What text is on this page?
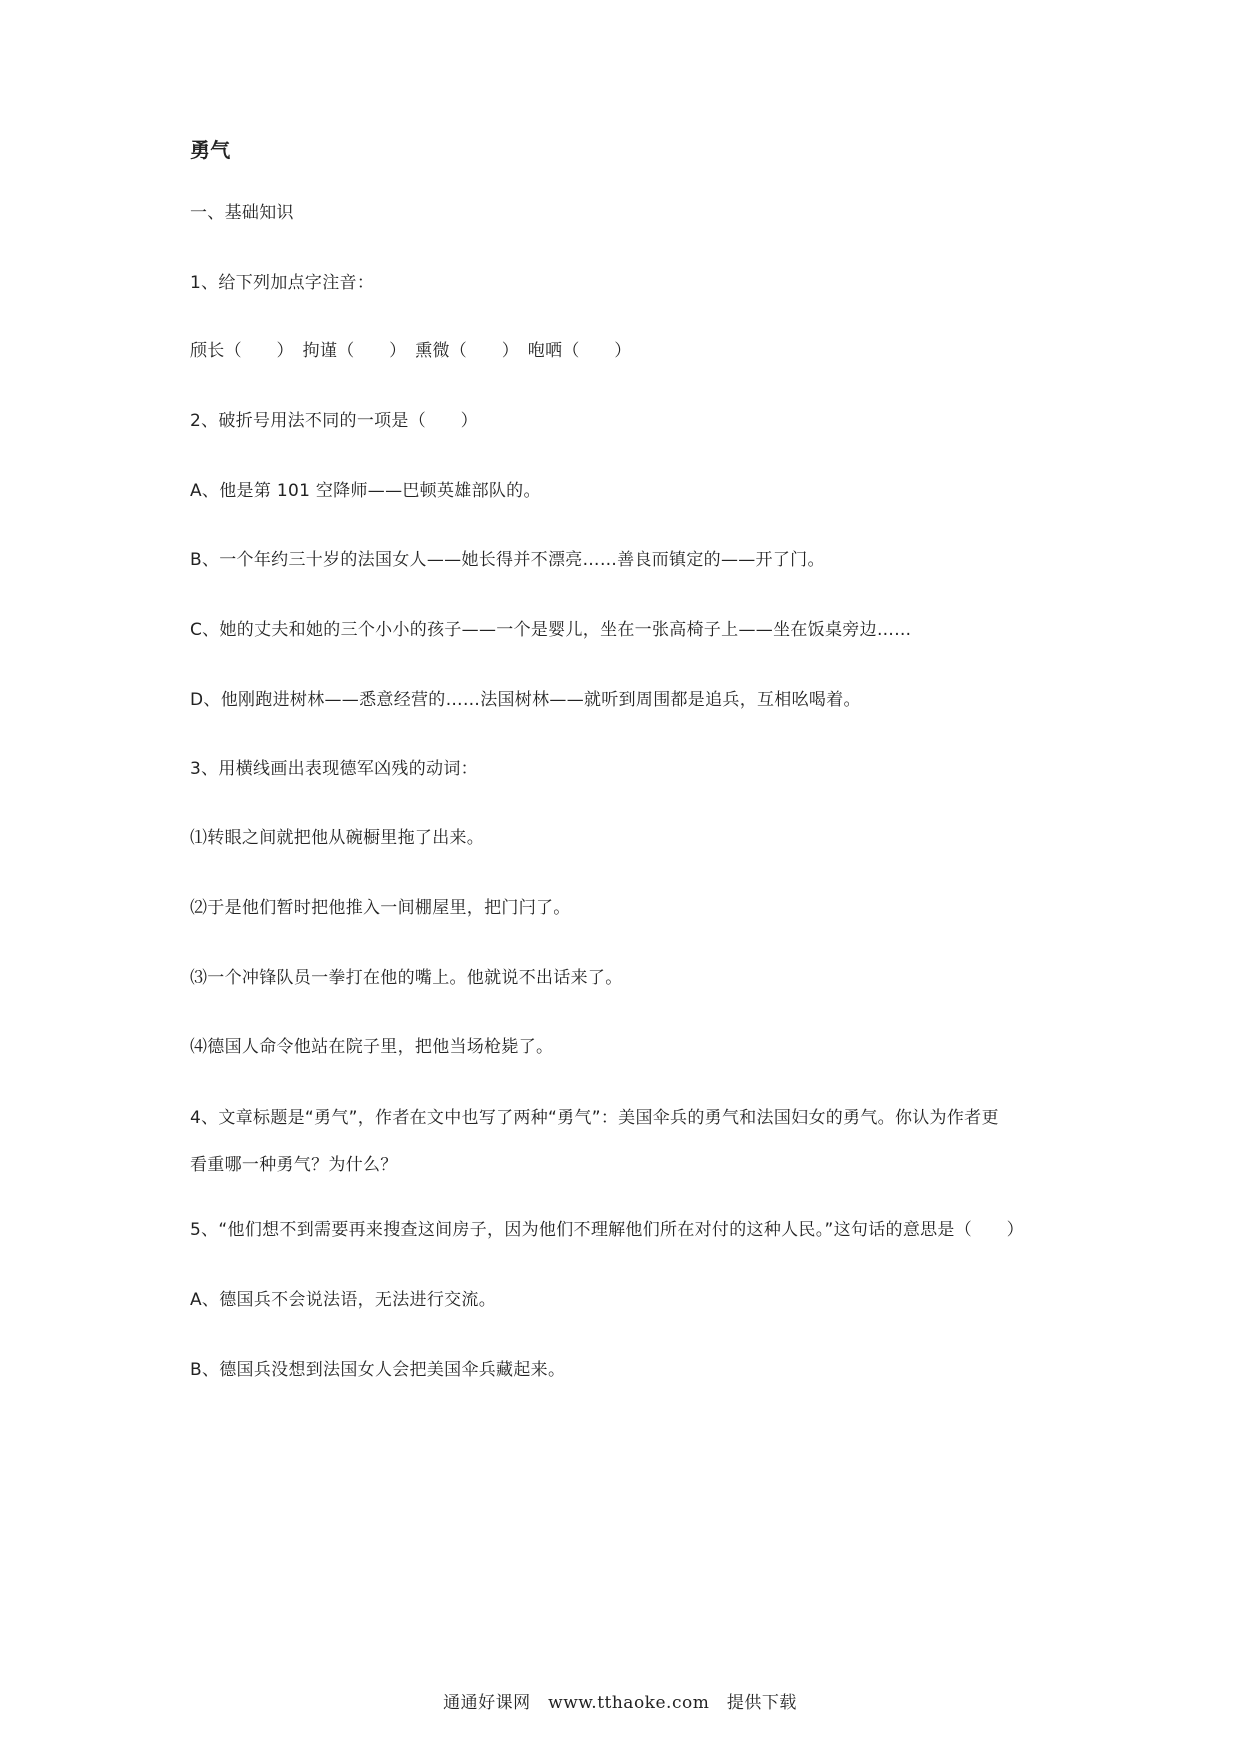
勇气
一、基础知识
1、给下列加点字注音：
颀长（　　）　拘谨（　　）　熏微（　　）　咆哂（　　）
2、破折号用法不同的一项是（　　）
A、他是第 101 空降师——巴顿英雄部队的。
B、一个年约三十岁的法国女人——她长得并不漂亮……善良而镇定的——开了门。
C、她的丈夫和她的三个小小的孩子——一个是婴儿，坐在一张高椅子上——坐在饭桌旁边……
D、他刚跑进树林——悉意经营的……法国树林——就听到周围都是追兵，互相吆喝着。
3、用横线画出表现德军凶残的动词：
⑴转眼之间就把他从碗橱里拖了出来。
⑵于是他们暂时把他推入一间棚屋里，把门闩了。
⑶一个冲锋队员一拳打在他的嘴上。他就说不出话来了。
⑷德国人命令他站在院子里，把他当场枪毙了。
4、文章标题是“勇气”，作者在文中也写了两种“勇气”：美国伞兵的勇气和法国妇女的勇气。你认为作者更
看重哪一种勇气？为什么？
5、“他们想不到需要再来搜查这间房子，因为他们不理解他们所在对付的这种人民。”这句话的意思是（　　）
A、德国兵不会说法语，无法进行交流。
B、德国兵没想到法国女人会把美国伞兵藏起来。
通通好课网　www.tthaoke.com　提供下载
